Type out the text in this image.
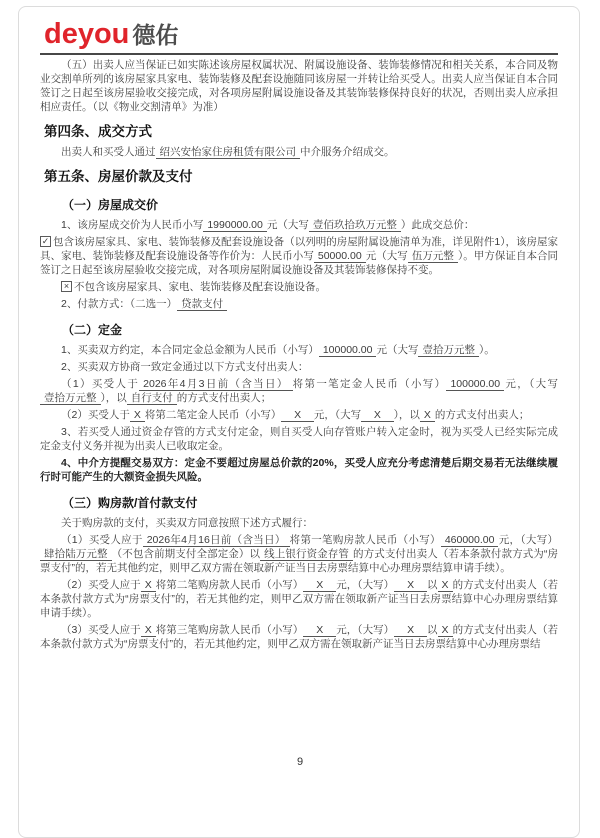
deyou 德佑
（五）出卖人应当保证已如实陈述该房屋权属状况、附属设施设备、装饰装修情况和相关关系，本合同及物业交割单所列的该房屋家具家电、装饰装修及配套设施随同该房屋一并转让给买受人。出卖人应当保证自本合同签订之日起至该房屋验收交接完成，对各项房屋附属设施设备及其装饰装修保持良好的状况，否则出卖人应承担相应责任。（以《物业交割清单》为准）
第四条、成交方式
出卖人和买受人通过 绍兴安怡家住房租赁有限公司 中介服务介绍成交。
第五条、房屋价款及支付
（一）房屋成交价
1、该房屋成交价为人民币小写 1990000.00 元（大写 壹佰玖拾玖万元整 ）此成交总价：
✓ 包含该房屋家具、家电、装饰装修及配套设施设备（以列明的房屋附属设施清单为准，详见附件1），该房屋家具、家电、装饰装修及配套设施设备等作价为：人民币小写 50000.00 元（大写 伍万元整 ）。甲方保证自本合同签订之日起至该房屋验收交接完成，对各项房屋附属设施设备及其装饰装修保持不变。
× 不包含该房屋家具、家电、装饰装修及配套设施设备。
2、付款方式：（二选一） 贷款支付
（二）定金
1、买卖双方约定，本合同定金总金额为人民币（小写） 100000.00 元（大写 壹拾万元整 ）。
2、买卖双方协商一致定金通过以下方式支付出卖人：
（1）买受人于 2026年4月3日前（含当日） 将第一笔定金人民币（小写） 100000.00 元，（大写壹拾万元整 ），以 自行支付 的方式支付出卖人；
（2）买受人于 X 将第二笔定金人民币（小写）   X   元，（大写   X   ），以 X 的方式支付出卖人；
3、若买受人通过资金存管的方式支付定金，则自买受人向存管账户转入定金时，视为买受人已经实际完成定金支付义务并视为出卖人已收取定金。
4、中介方提醒交易双方：定金不要超过房屋总价款的20%，买受人应充分考虑清楚后期交易若无法继续履行时可能产生的大额资金损失风险。
（三）购房款/首付款支付
关于购房款的支付，买卖双方同意按照下述方式履行：
（1）买受人应于 2026年4月16日前（含当日） 将第一笔购房款人民币（小写） 460000.00 元，（大写）肆拾陆万元整 （不包含前期支付全部定金）以 线上银行资金存管 的方式支付出卖人（若本条款付款方式为“房票支付”的，若无其他约定，则甲乙双方需在领取新产证当日去房票结算中心办理房票结算申请手续）。
（2）买受人应于 X 将第二笔购房款人民币（小写）   X   元，（大写）   X   以 X 的方式支付出卖人（若本条款付款方式为“房票支付”的，若无其他约定，则甲乙双方需在领取新产证当日去房票结算中心办理房票结算申请手续）。
（3）买受人应于 X 将第三笔购房款人民币（小写）   X   元，（大写）   X   以 X 的方式支付出卖人（若本条款付款方式为“房票支付”的，若无其他约定，则甲乙双方需在领取新产证当日去房票结算中心办理房票结
9
